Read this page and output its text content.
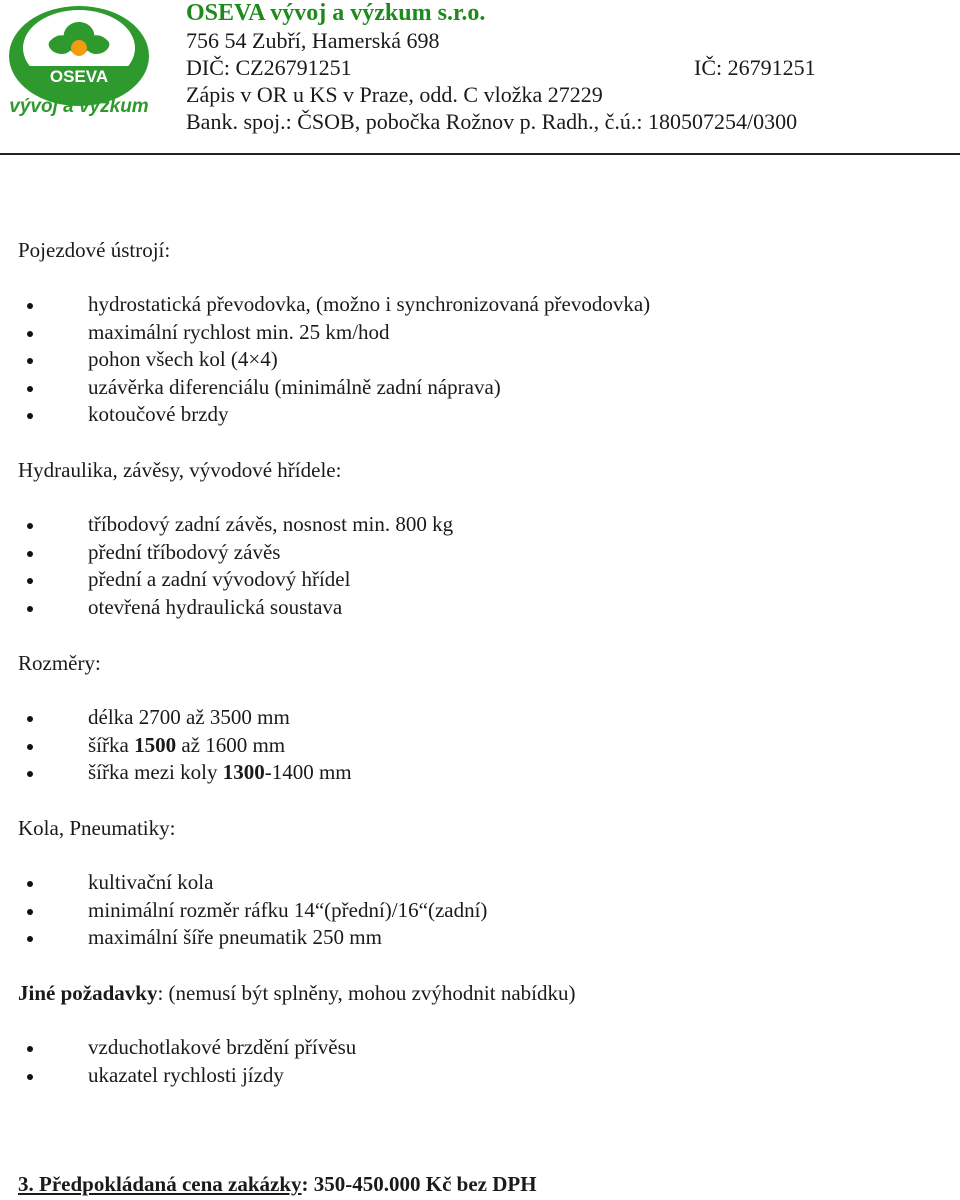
OSEVA
vývoj a výzkum
OSEVA vývoj a výzkum s.r.o.
756 54 Zubří, Hamerská 698
DIČ: CZ26791251	IČ: 26791251
Zápis v OR u KS v Praze, odd. C vložka 27229
Bank. spoj.: ČSOB, pobočka Rožnov p. Radh., č.ú.: 180507254/0300
Pojezdové ústrojí:
hydrostatická převodovka, (možno i synchronizovaná převodovka)
maximální rychlost min. 25 km/hod
pohon všech kol (4×4)
uzávěrka diferenciálu (minimálně zadní náprava)
kotoučové brzdy
Hydraulika, závěsy, vývodové hřídele:
tříbodový zadní závěs, nosnost min. 800 kg
přední tříbodový závěs
přední a zadní vývodový hřídel
otevřená hydraulická soustava
Rozměry:
délka 2700 až 3500 mm
šířka 1500 až 1600 mm
šířka mezi koly 1300-1400 mm
Kola, Pneumatiky:
kultivační kola
minimální rozměr ráfku 14“(přední)/16“(zadní)
maximální šíře pneumatik 250 mm
Jiné požadavky: (nemusí být splněny, mohou zvýhodnit nabídku)
vzduchotlakové brzdění přívěsu
ukazatel rychlosti jízdy
3. Předpokládaná cena zakázky: 350-450.000 Kč bez DPH
